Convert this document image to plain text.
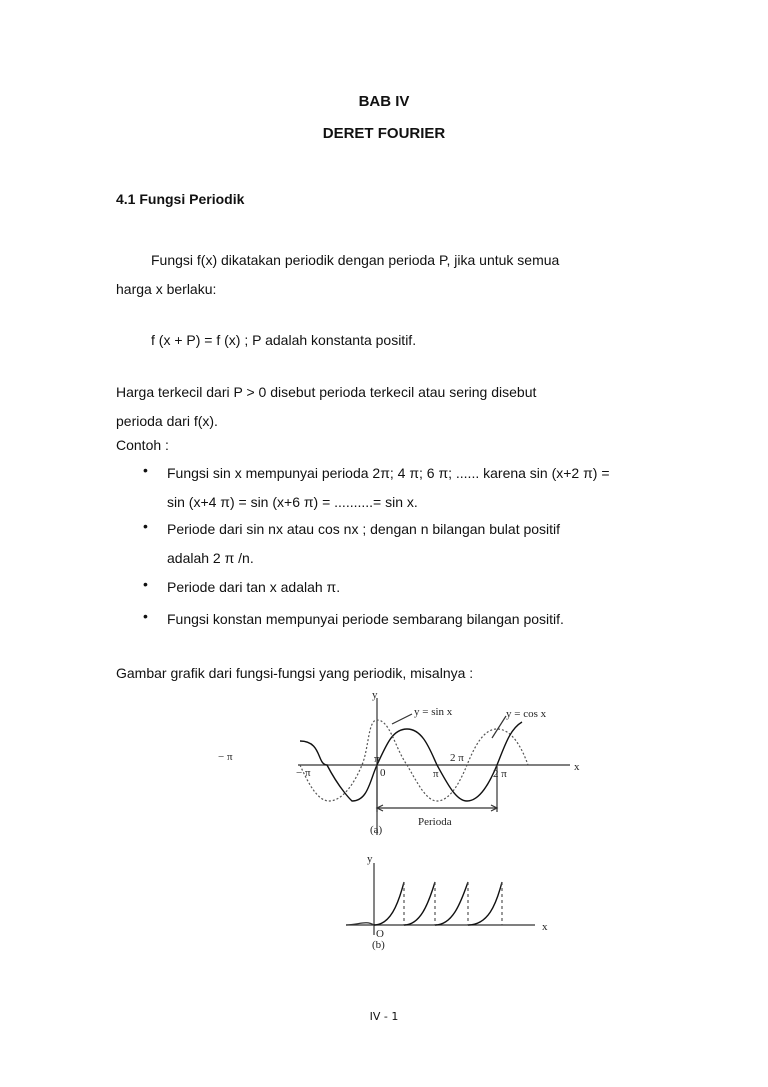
BAB IV
DERET FOURIER
4.1 Fungsi Periodik
Fungsi f(x) dikatakan periodik dengan perioda P, jika untuk semua
harga x berlaku:
f (x + P) = f (x) ; P adalah konstanta positif.
Harga terkecil dari P > 0 disebut perioda terkecil atau sering disebut
perioda dari f(x).
Contoh :
• Fungsi sin x mempunyai perioda 2π; 4 π; 6 π; ...... karena sin (x+2 π) =
sin (x+4 π) = sin (x+6 π) = ..........= sin x.
• Periode dari sin nx atau cos nx ; dengan n bilangan bulat positif
adalah 2 π /n.
• Periode dari tan x adalah π.
• Fungsi konstan mempunyai periode sembarang bilangan positif.
Gambar grafik dari fungsi-fungsi yang periodik, misalnya :
− π
y
x
y = sin x	y = cos x
− π	0
π
π	2 π
2 π
Perioda
(a)
y
x
O
(b)
IV - 1
